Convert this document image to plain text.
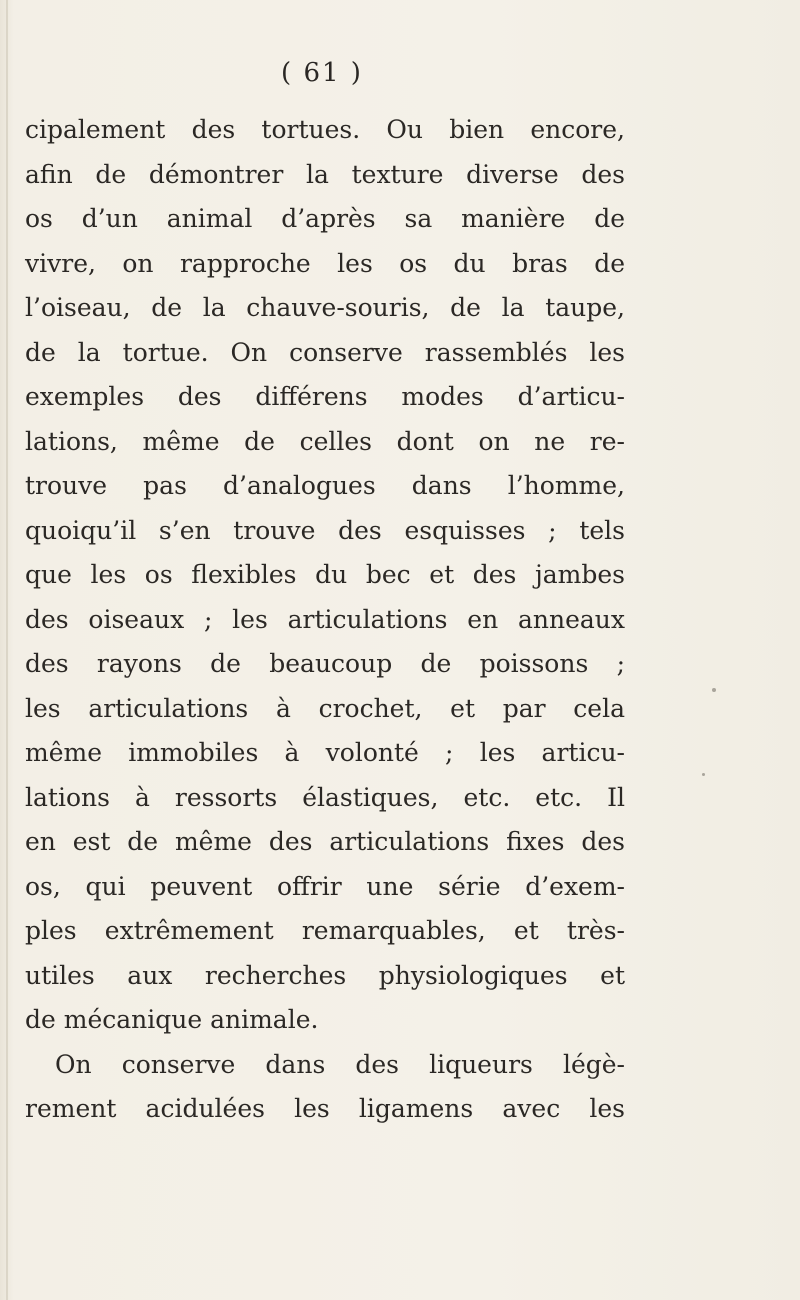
( 61 )
cipalement des tortues. Ou bien encore,
afin de démontrer la texture diverse des
os d’un animal d’après sa manière de
vivre, on rapproche les os du bras de
l’oiseau, de la chauve-souris, de la taupe,
de la tortue. On conserve rassemblés les
exemples des différens modes d’articu-
lations, même de celles dont on ne re-
trouve pas d’analogues dans l’homme,
quoiqu’il s’en trouve des esquisses ; tels
que les os flexibles du bec et des jambes
des oiseaux ; les articulations en anneaux
des rayons de beaucoup de poissons ;
les articulations à crochet, et par cela
même immobiles à volonté ; les articu-
lations à ressorts élastiques, etc. etc. Il
en est de même des articulations fixes des
os, qui peuvent offrir une série d’exem-
ples extrêmement remarquables, et très-
utiles aux recherches physiologiques et
de mécanique animale.
On conserve dans des liqueurs légè-
rement acidulées les ligamens avec les
